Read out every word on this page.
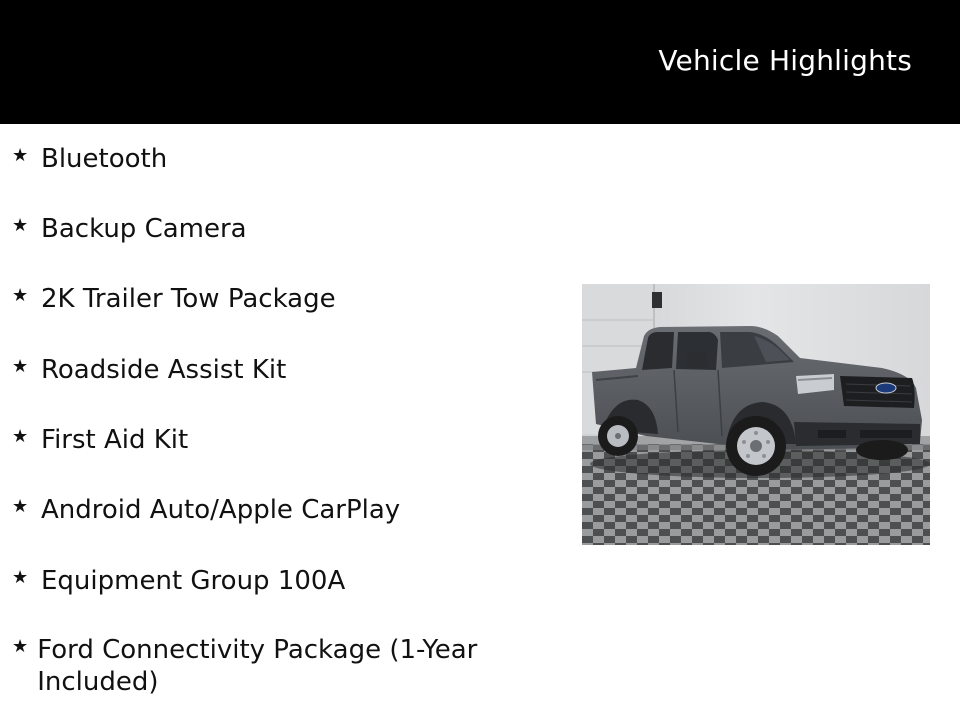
Vehicle Highlights
★ Bluetooth
★ Backup Camera
★ 2K Trailer Tow Package
★ Roadside Assist Kit
★ First Aid Kit
★ Android Auto/Apple CarPlay
★ Equipment Group 100A
★ Ford Connectivity Package (1-Year Included)
